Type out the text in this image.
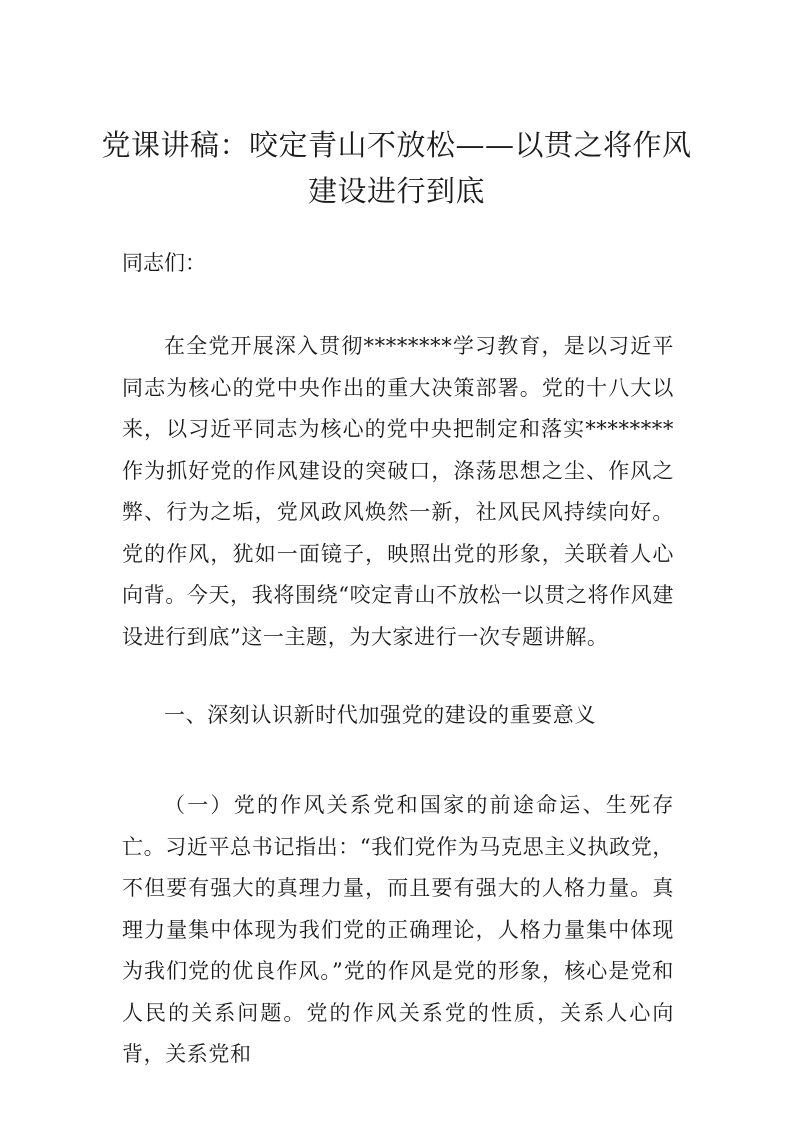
党课讲稿：咬定青山不放松——以贯之将作风建设进行到底
同志们：

在全党开展深入贯彻********学习教育，是以习近平同志为核心的党中央作出的重大决策部署。党的十八大以来，以习近平同志为核心的党中央把制定和落实********作为抓好党的作风建设的突破口，涤荡思想之尘、作风之弊、行为之垢，党风政风焕然一新，社风民风持续向好。党的作风，犹如一面镜子，映照出党的形象，关联着人心向背。今天，我将围绕“咬定青山不放松一以贯之将作风建设进行到底”这一主题，为大家进行一次专题讲解。

一、深刻认识新时代加强党的建设的重要意义

（一）党的作风关系党和国家的前途命运、生死存亡。习近平总书记指出：“我们党作为马克思主义执政党，不但要有强大的真理力量，而且要有强大的人格力量。真理力量集中体现为我们党的正确理论，人格力量集中体现为我们党的优良作风。”党的作风是党的形象，核心是党和人民的关系问题。党的作风关系党的性质，关系人心向背，关系党和
